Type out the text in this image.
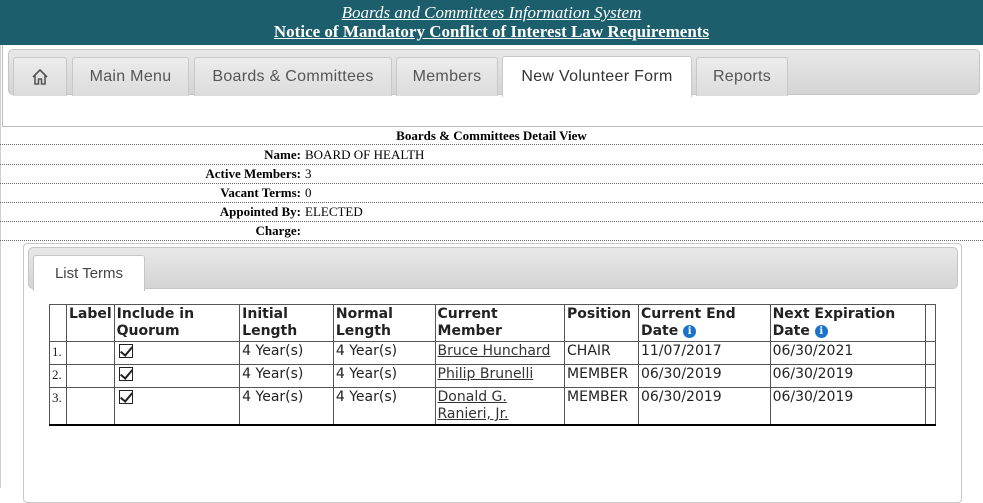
Boards and Committees Information System
Notice of Mandatory Conflict of Interest Law Requirements
Main Menu	Boards & Committees	Members	New Volunteer Form	Reports
Boards & Committees Detail View
Name: BOARD OF HEALTH
Active Members: 3
Vacant Terms: 0
Appointed By: ELECTED
Charge:
List Terms
	Label	Include in Quorum	Initial Length	Normal Length	Current Member	Position	Current End Date i	Next Expiration Date i	
1.			4 Year(s)	4 Year(s)	Bruce Hunchard	CHAIR	11/07/2017	06/30/2021	
2.			4 Year(s)	4 Year(s)	Philip Brunelli	MEMBER	06/30/2019	06/30/2019	
3.			4 Year(s)	4 Year(s)	Donald G. Ranieri, Jr.	MEMBER	06/30/2019	06/30/2019	
